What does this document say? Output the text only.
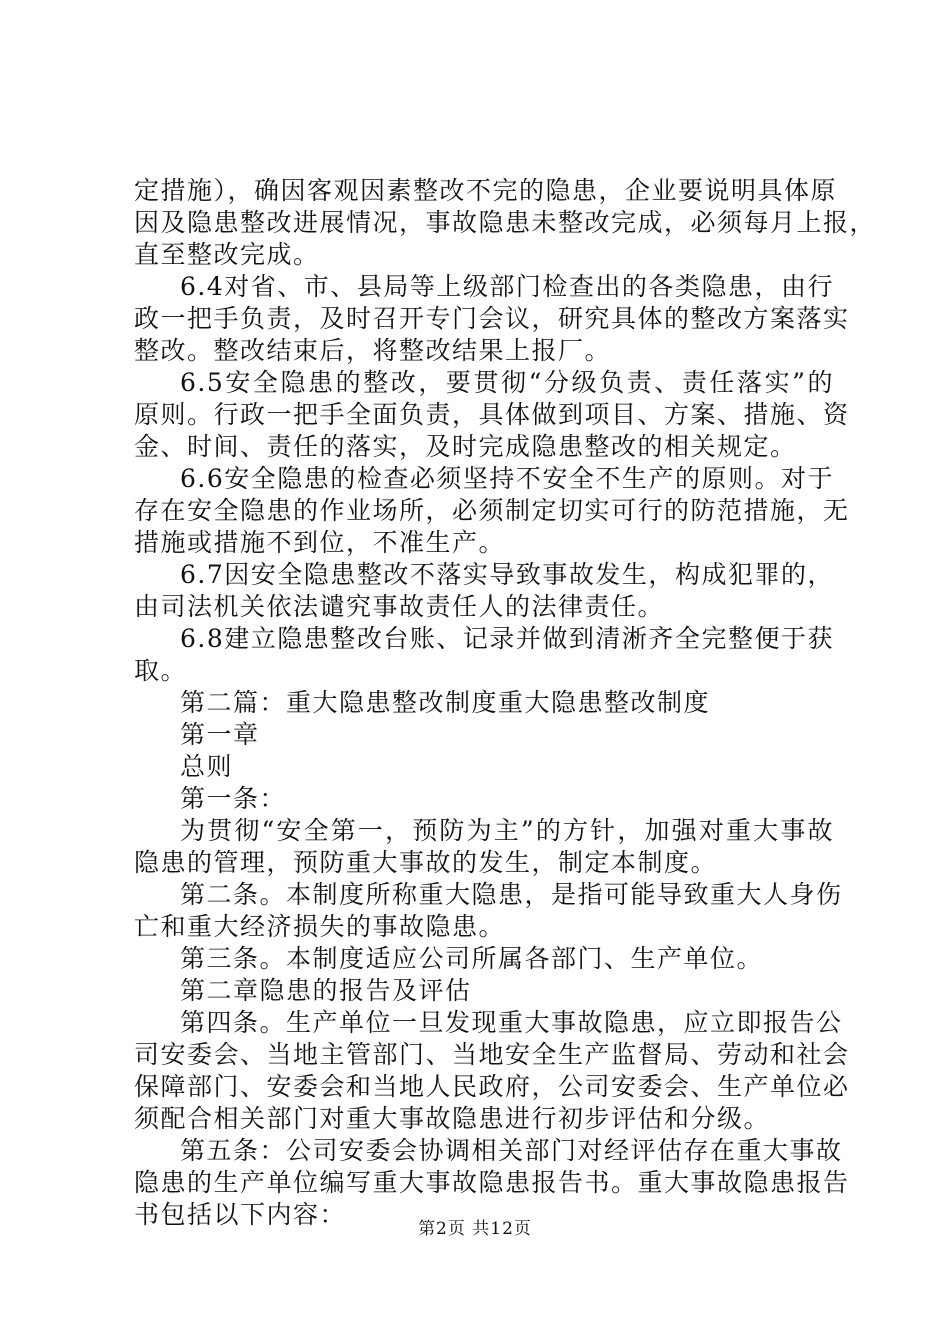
定措施），确因客观因素整改不完的隐患，企业要说明具体原
因及隐患整改进展情况，事故隐患未整改完成，必须每月上报，
直至整改完成。
6.4对省、市、县局等上级部门检查出的各类隐患，由行
政一把手负责，及时召开专门会议，研究具体的整改方案落实
整改。整改结束后，将整改结果上报厂。
6.5安全隐患的整改，要贯彻“分级负责、责任落实”的
原则。行政一把手全面负责，具体做到项目、方案、措施、资
金、时间、责任的落实，及时完成隐患整改的相关规定。
6.6安全隐患的检查必须坚持不安全不生产的原则。对于
存在安全隐患的作业场所，必须制定切实可行的防范措施，无
措施或措施不到位，不准生产。
6.7因安全隐患整改不落实导致事故发生，构成犯罪的，
由司法机关依法谴究事故责任人的法律责任。
6.8建立隐患整改台账、记录并做到清淅齐全完整便于获
取。
第二篇：重大隐患整改制度重大隐患整改制度
第一章
总则
第一条：
为贯彻“安全第一，预防为主”的方针，加强对重大事故
隐患的管理，预防重大事故的发生，制定本制度。
第二条。本制度所称重大隐患，是指可能导致重大人身伤
亡和重大经济损失的事故隐患。
第三条。本制度适应公司所属各部门、生产单位。
第二章隐患的报告及评估
第四条。生产单位一旦发现重大事故隐患，应立即报告公
司安委会、当地主管部门、当地安全生产监督局、劳动和社会
保障部门、安委会和当地人民政府，公司安委会、生产单位必
须配合相关部门对重大事故隐患进行初步评估和分级。
第五条：公司安委会协调相关部门对经评估存在重大事故
隐患的生产单位编写重大事故隐患报告书。重大事故隐患报告
书包括以下内容：	第2页 共12页
